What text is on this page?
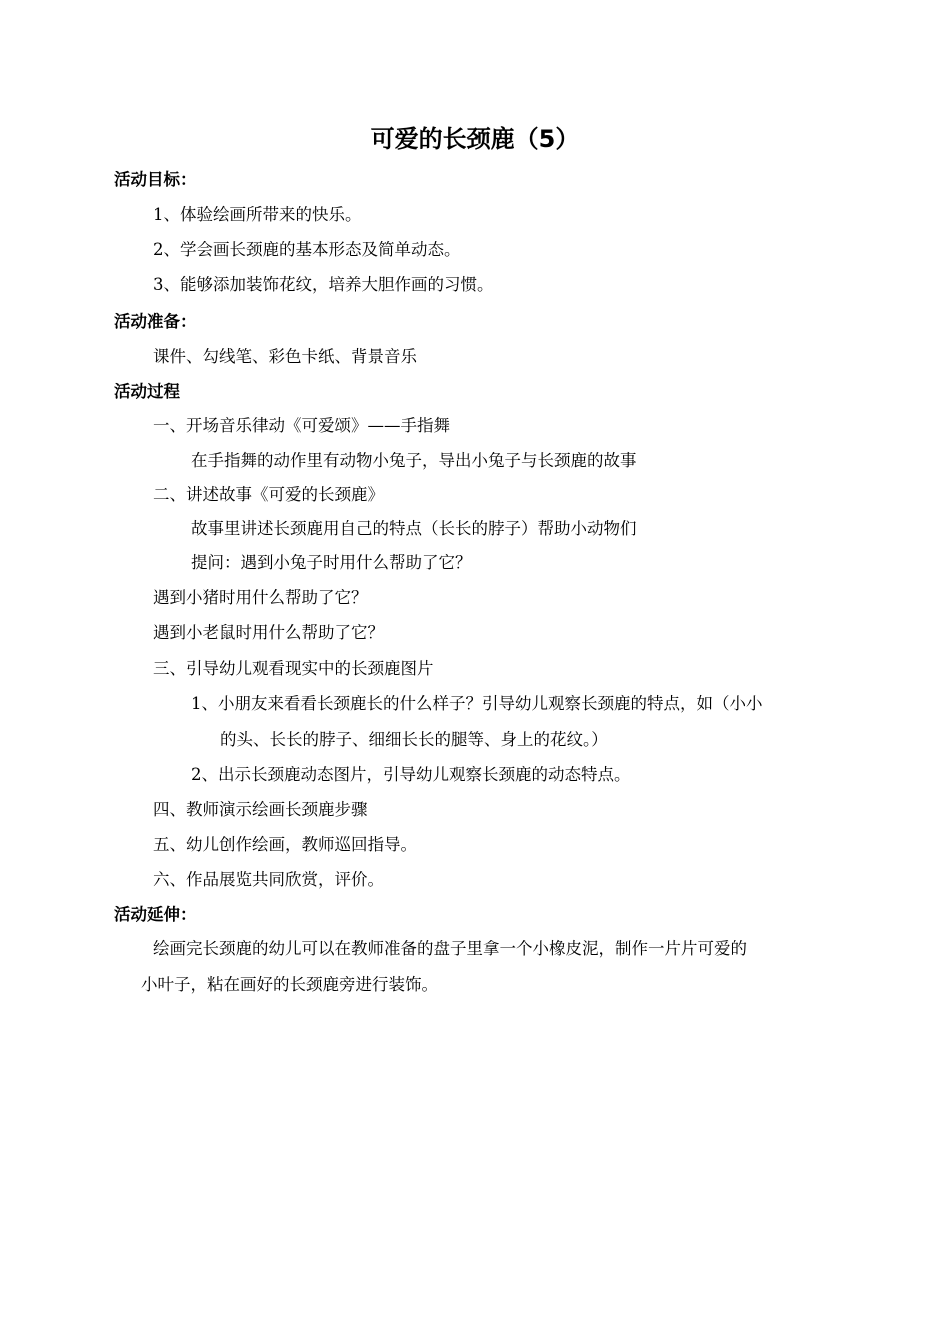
可爱的长颈鹿（5）
活动目标：
1、体验绘画所带来的快乐。
2、学会画长颈鹿的基本形态及简单动态。
3、能够添加装饰花纹，培养大胆作画的习惯。
活动准备：
课件、勾线笔、彩色卡纸、背景音乐
活动过程
一、开场音乐律动《可爱颂》——手指舞
在手指舞的动作里有动物小兔子，导出小兔子与长颈鹿的故事
二、讲述故事《可爱的长颈鹿》
故事里讲述长颈鹿用自己的特点（长长的脖子）帮助小动物们
提问：遇到小兔子时用什么帮助了它？
遇到小猪时用什么帮助了它？
遇到小老鼠时用什么帮助了它？
三、引导幼儿观看现实中的长颈鹿图片
1、小朋友来看看长颈鹿长的什么样子？引导幼儿观察长颈鹿的特点，如（小小
的头、长长的脖子、细细长长的腿等、身上的花纹。）
2、出示长颈鹿动态图片，引导幼儿观察长颈鹿的动态特点。
四、教师演示绘画长颈鹿步骤
五、幼儿创作绘画，教师巡回指导。
六、作品展览共同欣赏，评价。
活动延伸：
绘画完长颈鹿的幼儿可以在教师准备的盘子里拿一个小橡皮泥，制作一片片可爱的
小叶子，粘在画好的长颈鹿旁进行装饰。
